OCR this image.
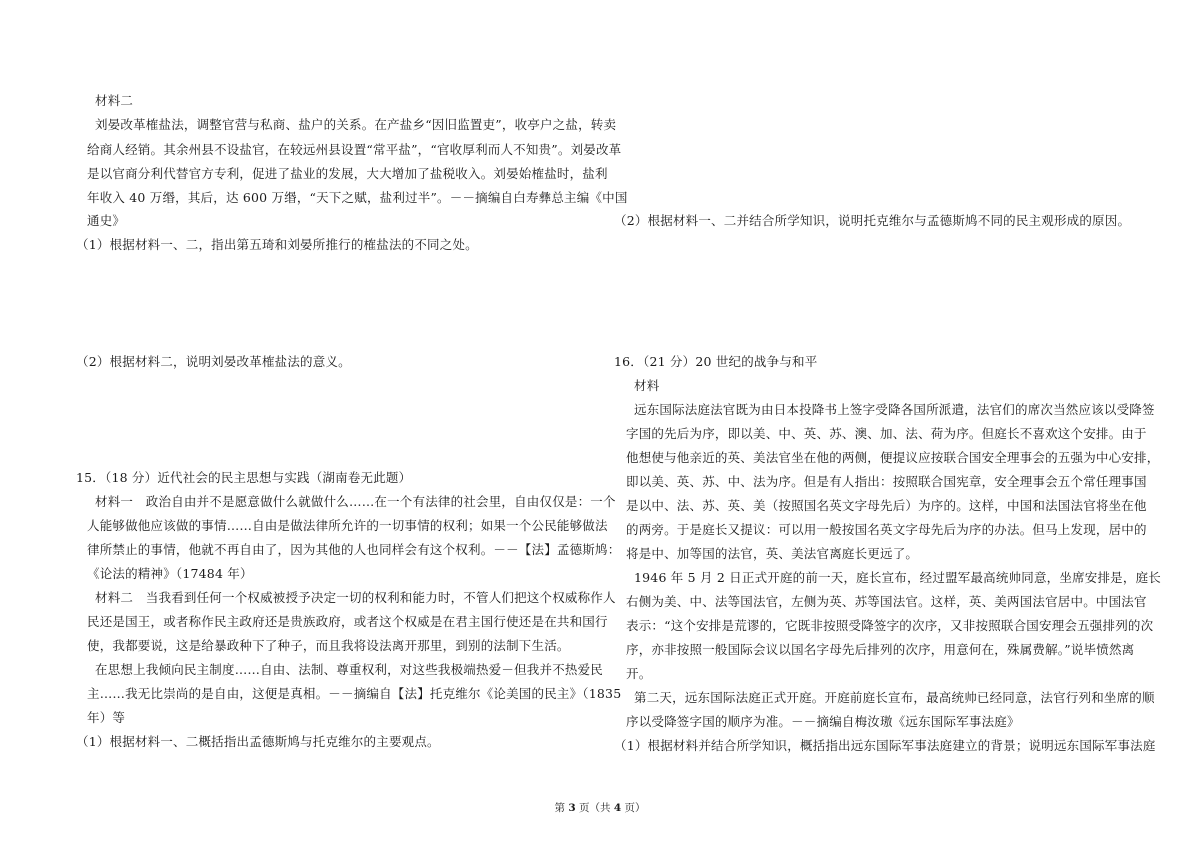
材料二
刘晏改革榷盐法，调整官营与私商、盐户的关系。在产盐乡“因旧监置吏”，收亭户之盐，转卖
给商人经销。其余州县不设盐官，在较远州县设置“常平盐”，“官收厚利而人不知贵”。刘晏改革
是以官商分利代替官方专利，促进了盐业的发展，大大增加了盐税收入。刘晏始榷盐时，盐利
年收入 40 万缗，其后，达 600 万缗，“天下之赋，盐利过半”。－－摘编自白寿彝总主编《中国
通史》
（1）根据材料一、二，指出第五琦和刘晏所推行的榷盐法的不同之处。
（2）根据材料二，说明刘晏改革榷盐法的意义。
15．（18 分）近代社会的民主思想与实践（湖南卷无此题）
材料一　政治自由并不是愿意做什么就做什么……在一个有法律的社会里，自由仅仅是：一个
人能够做他应该做的事情……自由是做法律所允许的一切事情的权利；如果一个公民能够做法
律所禁止的事情，他就不再自由了，因为其他的人也同样会有这个权利。－－【法】孟德斯鸠：
《论法的精神》（17484 年）
材料二　当我看到任何一个权威被授予决定一切的权利和能力时，不管人们把这个权威称作人
民还是国王，或者称作民主政府还是贵族政府，或者这个权威是在君主国行使还是在共和国行
使，我都要说，这是给暴政种下了种子，而且我将设法离开那里，到别的法制下生活。
在思想上我倾向民主制度……自由、法制、尊重权利，对这些我极端热爱－但我并不热爱民
主……我无比崇尚的是自由，这便是真相。－－摘编自【法】托克维尔《论美国的民主》（1835
年）等
（1）根据材料一、二概括指出孟德斯鸠与托克维尔的主要观点。
（2）根据材料一、二并结合所学知识，说明托克维尔与孟德斯鸠不同的民主观形成的原因。
16．（21 分）20 世纪的战争与和平
材料
远东国际法庭法官既为由日本投降书上签字受降各国所派遣，法官们的席次当然应该以受降签
字国的先后为序，即以美、中、英、苏、澳、加、法、荷为序。但庭长不喜欢这个安排。由于
他想使与他亲近的英、美法官坐在他的两侧，便提议应按联合国安全理事会的五强为中心安排，
即以美、英、苏、中、法为序。但是有人指出：按照联合国宪章，安全理事会五个常任理事国
是以中、法、苏、英、美（按照国名英文字母先后）为序的。这样，中国和法国法官将坐在他
的两旁。于是庭长又提议：可以用一般按国名英文字母先后为序的办法。但马上发现，居中的
将是中、加等国的法官，英、美法官离庭长更远了。
1946 年 5 月 2 日正式开庭的前一天，庭长宣布，经过盟军最高统帅同意，坐席安排是，庭长
右侧为美、中、法等国法官，左侧为英、苏等国法官。这样，英、美两国法官居中。中国法官
表示：“这个安排是荒谬的，它既非按照受降签字的次序，又非按照联合国安理会五强排列的次
序，亦非按照一般国际会议以国名字母先后排列的次序，用意何在，殊属费解。”说毕愤然离
开。
第二天，远东国际法庭正式开庭。开庭前庭长宣布，最高统帅已经同意，法官行列和坐席的顺
序以受降签字国的顺序为准。－－摘编自梅汝璈《远东国际军事法庭》
（1）根据材料并结合所学知识，概括指出远东国际军事法庭建立的背景；说明远东国际军事法庭
第 3 页（共 4 页）
